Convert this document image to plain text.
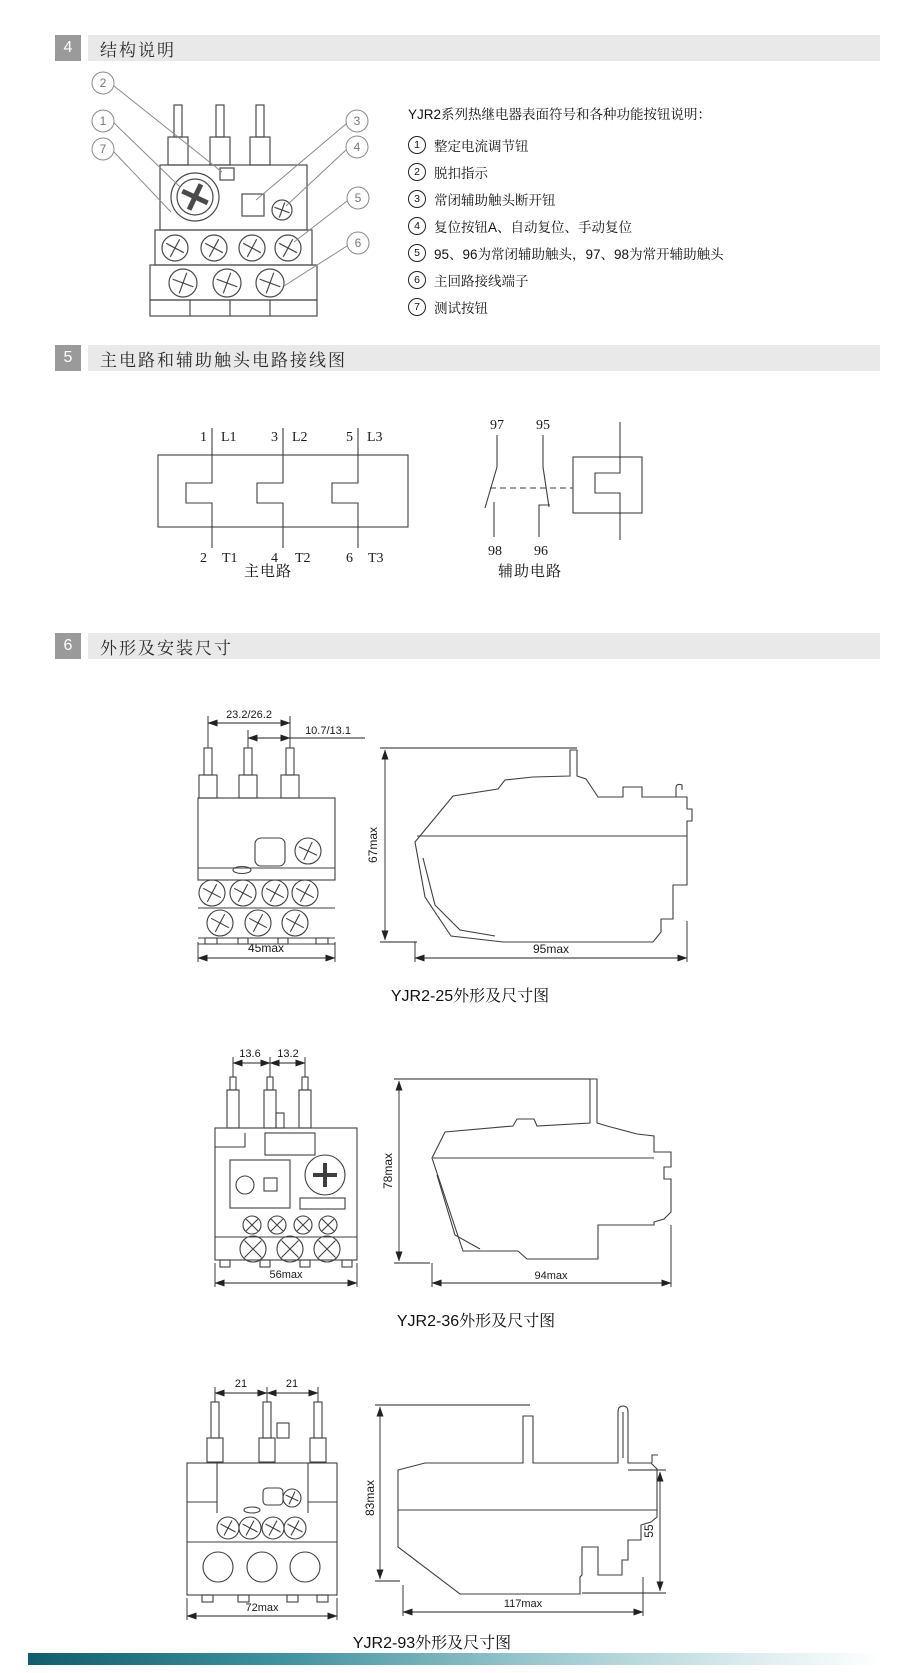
4	结构说明
2
1
7
3
4
5
6
YJR2系列热继电器表面符号和各种功能按钮说明：
1	整定电流调节钮
2	脱扣指示
3	常闭辅助触头断开钮
4	复位按钮A、自动复位、手动复位
5	95、96为常闭辅助触头，97、98为常开辅助触头
6	主回路接线端子
7	测试按钮
5	主电路和辅助触头电路接线图
1 L1 3 L2	5 L3
2 T1 4 T2	6 T3
97 95
98 96
主电路	辅助电路
6	外形及安装尺寸
23.2/26.2
10.7/13.1
45max
67max
95max
YJR2-25外形及尺寸图
13.6 13.2
56max
78max
94max
YJR2-36外形及尺寸图
21	21
72max
83max
55
117max
YJR2-93外形及尺寸图
